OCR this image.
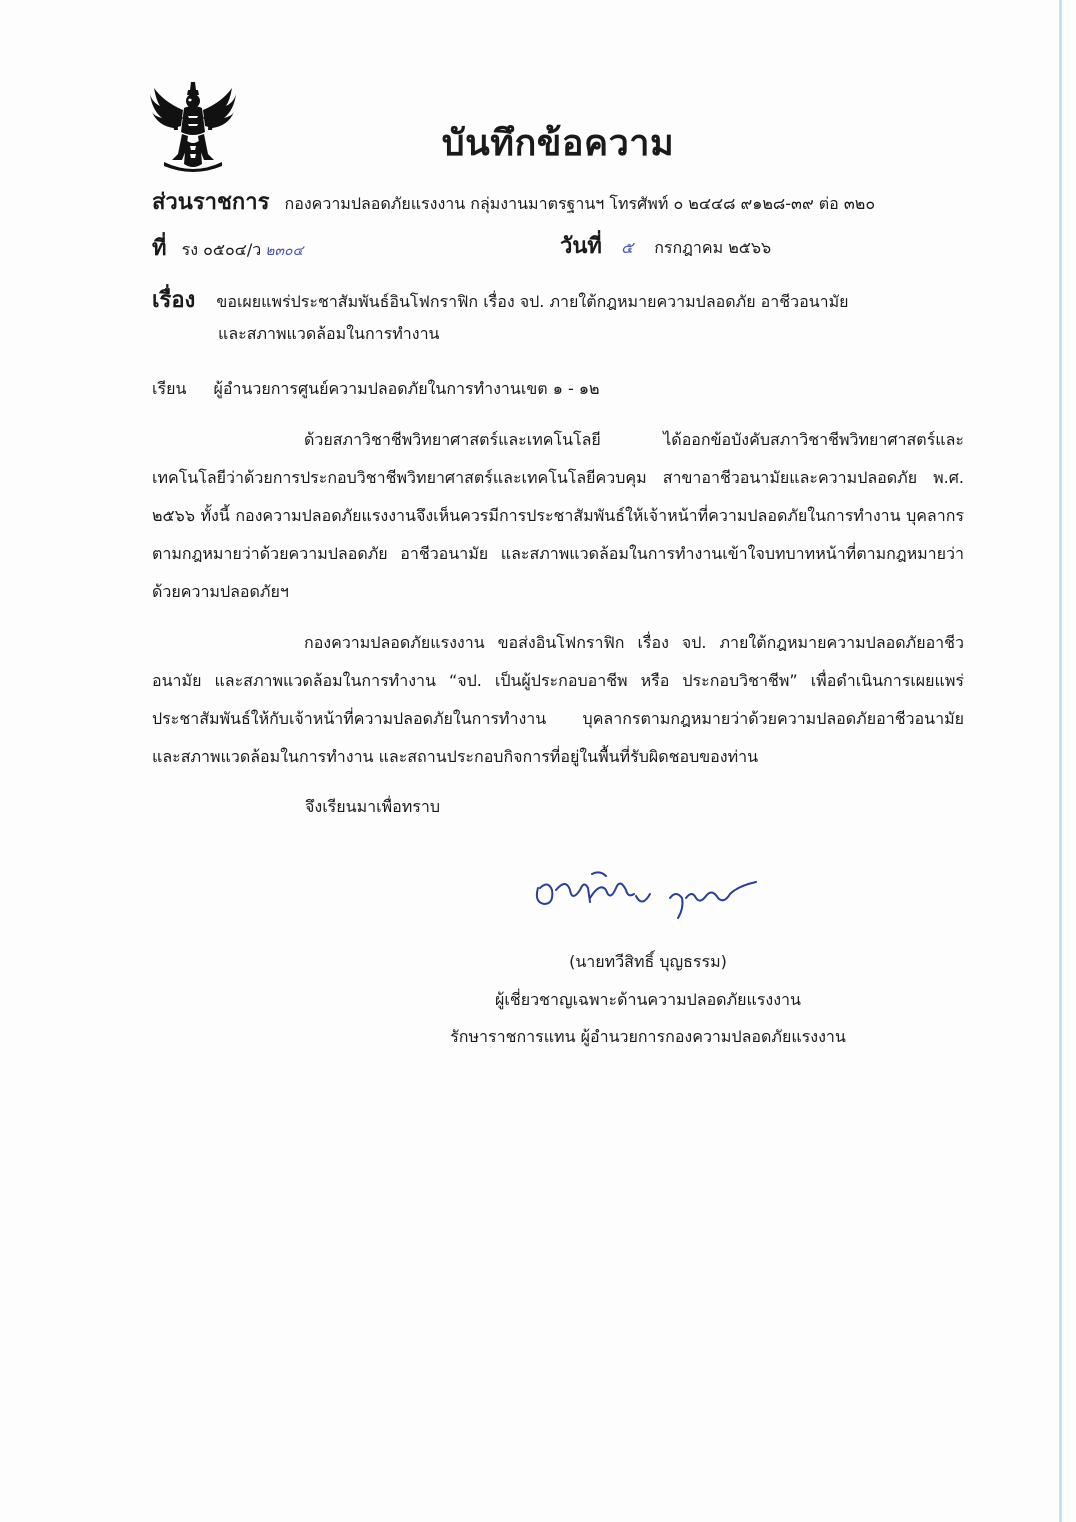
บันทึกข้อความ
ส่วนราชการ กองความปลอดภัยแรงงาน กลุ่มงานมาตรฐานฯ โทรศัพท์ ๐ ๒๔๔๘ ๙๑๒๘-๓๙ ต่อ ๓๒๐
ที่ รง ๐๕๐๔/ว ๒๓๐๔	วันที่ ๕ กรกฎาคม ๒๕๖๖
เรื่อง ขอเผยแพร่ประชาสัมพันธ์อินโฟกราฟิก เรื่อง จป. ภายใต้กฎหมายความปลอดภัย อาชีวอนามัย
และสภาพแวดล้อมในการทำงาน
เรียน ผู้อำนวยการศูนย์ความปลอดภัยในการทำงานเขต ๑ - ๑๒

ด้วยสภาวิชาชีพวิทยาศาสตร์และเทคโนโลยี ได้ออกข้อบังคับสภาวิชาชีพวิทยาศาสตร์และเทคโนโลยีว่าด้วยการประกอบวิชาชีพวิทยาศาสตร์และเทคโนโลยีควบคุม สาขาอาชีวอนามัยและความปลอดภัย พ.ศ. ๒๕๖๖ ทั้งนี้ กองความปลอดภัยแรงงานจึงเห็นควรมีการประชาสัมพันธ์ให้เจ้าหน้าที่ความปลอดภัยในการทำงาน บุคลากรตามกฎหมายว่าด้วยความปลอดภัย อาชีวอนามัย และสภาพแวดล้อมในการทำงานเข้าใจบทบาทหน้าที่ตามกฎหมายว่าด้วยความปลอดภัยฯ

กองความปลอดภัยแรงงาน ขอส่งอินโฟกราฟิก เรื่อง จป. ภายใต้กฎหมายความปลอดภัยอาชีวอนามัย และสภาพแวดล้อมในการทำงาน “จป. เป็นผู้ประกอบอาชีพ หรือ ประกอบวิชาชีพ” เพื่อดำเนินการเผยแพร่ประชาสัมพันธ์ให้กับเจ้าหน้าที่ความปลอดภัยในการทำงาน บุคลากรตามกฎหมายว่าด้วยความปลอดภัยอาชีวอนามัย และสภาพแวดล้อมในการทำงาน และสถานประกอบกิจการที่อยู่ในพื้นที่รับผิดชอบของท่าน

จึงเรียนมาเพื่อทราบ
(นายทวีสิทธิ์ บุญธรรม)
ผู้เชี่ยวชาญเฉพาะด้านความปลอดภัยแรงงาน
รักษาราชการแทน ผู้อำนวยการกองความปลอดภัยแรงงาน
